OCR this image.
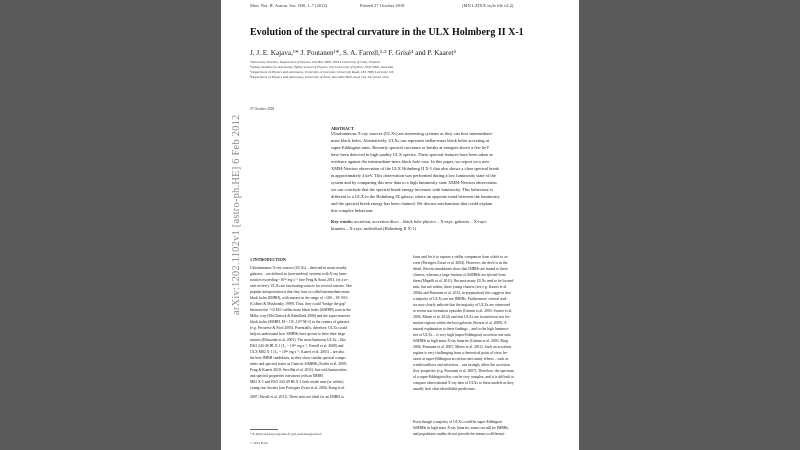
arXiv:1202.1102v1 [astro-ph.HE] 6 Feb 2012
Mon. Not. R. Astron. Soc. 000, 1–7 (2012)	Printed 27 October 2018	(MN LATEX style file v2.2)
Evolution of the spectral curvature in the ULX Holmberg II X-1
J. J. E. Kajava,¹* J. Poutanen¹*, S. A. Farrell,²·³ F. Grisé⁴ and P. Kaaret⁴
¹Astronomy Division, Department of Physics, P.O.Box 3000, 90014 University of Oulu, Finland
²Sydney Institute for Astronomy (SIfA), School of Physics, The University of Sydney, NSW 2006, Australia
³Department of Physics and Astronomy, University of Leicester, University Road, LE1 7RH, Leicester, UK
⁴Department of Physics and Astronomy, University of Iowa, Van Allen Hall, Iowa City, IA 52242, USA
27 October 2018
ABSTRACT
Ultraluminous X-ray sources (ULXs) are interesting systems as they can host intermediate-
mass black holes. Alternatively, ULXs can represent stellar-mass black holes accreting at
super-Eddington rates. Recently spectral curvature or breaks at energies above a few keV
have been detected in high quality ULX spectra. These spectral features have been taken as
evidence against the intermediate-mass black hole case. In this paper, we report on a new
XMM-Newton observation of the ULX Holmberg II X-1 that also shows a clear spectral break
at approximately 4 keV. This observation was performed during a low luminosity state of the
system and by comparing this new data to a high luminosity state XMM-Newton observation,
we can conclude that the spectral break energy increases with luminosity. This behaviour is
different to a ULX in the Holmberg IX galaxy, where an opposite trend between the luminosity
and the spectral break energy has been claimed. We discuss mechanisms that could explain
this complex behaviour.
Key words: accretion, accretion discs – black hole physics – X-rays: galaxies – X-rays:
binaries – X-rays: individual (Holmberg II X-1)
1 INTRODUCTION
Ultraluminous X-ray sources (ULXs) – detected in many nearby
galaxies – are defined as (non-nuclear) systems with X-ray lumi-
nosities exceeding ~10³⁹ erg s⁻¹ (see Feng & Soria 2011, for a re-
cent review). ULXs are fascinating sources for several reasons. One
popular interpretation is that they host so called intermediate-mass
black holes (IMBH), with masses in the range of ~100 – 10⁵ M☉
(Colbert & Mushotzky 1999). Thus, they could "bridge the gap"
between the ~10 M☉ stellar mass black holes (StMBH) seen in the
Milky way (McClintock & Remillard 2006) and the super-massive
black holes (SMBH, M ~ 10⁶–10¹⁰ M☉) in the centers of galaxies
(e.g. Ferrarese & Ford 2005). Potentially, therefore, ULXs could
help us understand how SMBHs have grown to have their large
masses (Ebisuzaki et al. 2001). The most luminous ULXs – like
ESO 243-49 HLX-1 (Lₓ ~ 10⁴² erg s⁻¹, Farrell et al. 2009) and
ULX M82 X-1 (Lₓ ~ 10⁴¹ erg s⁻¹, Kaaret et al. 2001) – are also
the best IMBH candidates, as they show similar spectral compo-
nents and spectral states as Galactic StMBHs (Godet et al. 2009;
Feng & Kaaret 2010; Servillat et al. 2011), but with luminosities
and spectral properties consistent with an IMBH.
M82 X-1 and ESO 243-49 HLX-1 both reside near (or within)
young star clusters (see Portegies Zwart et al. 2004; Kong et al.
2007; Farrell et al. 2011). These sites are ideal for an IMBH to
form and for it to capture a stellar companion from which to ac-
crete (Portegies Zwart et al. 2004). However, the devil is in the
detail. Recent simulations show that IMBHs are bound to these
clusters, whereas a large fraction of StMBHs are ejected from
them (Mapelli et al. 2011). Because many ULXs tend to be located
near, but not within, these young clusters (see e.g. Kaaret et al.
2004a and Poutanen et al. 2012, in preparation) this suggests that
a majority of ULXs are not IMBHs. Furthermore, several stud-
ies now clearly indicate that the majority of ULXs are connected
to recent star formation episodes (Grimm et al. 2003; Swartz et al.
2004; Mineo et al. 2012) and that ULXs are located near star for-
mation regions within the host galaxies (Swartz et al. 2009). A
natural explanation to these findings – and to the high luminosi-
ties of ULXs – is very high (super-Eddington) accretion rate onto
StMBHs in high-mass X-ray binaries (Grimm et al. 2003; King
2004; Poutanen et al. 2007; Mineo et al. 2012). Such an accretion
regime is very challenging from a theoretical point of view, be-
cause at super-Eddington accretion rates many effects – such as
winds/outflows and advection – can strongly affect the accretion
flow properties (e.g. Poutanen et al. 2007). Therefore, the spectrum
of a super-Eddington disc can be very complex, and it is difficult to
compare observational X-ray data of ULXs to these models as they
usually lack clear identifiable predictions.
Even though a majority of ULXs could be super-Eddington
StMBHs in high-mass X-ray binaries, some can still be IMBHs,
and population studies do not provide the means to differenti-
* E-mail: jari.kajava@oulu.fi, juri.poutanen@oulu.fi
© 2012 RAS
